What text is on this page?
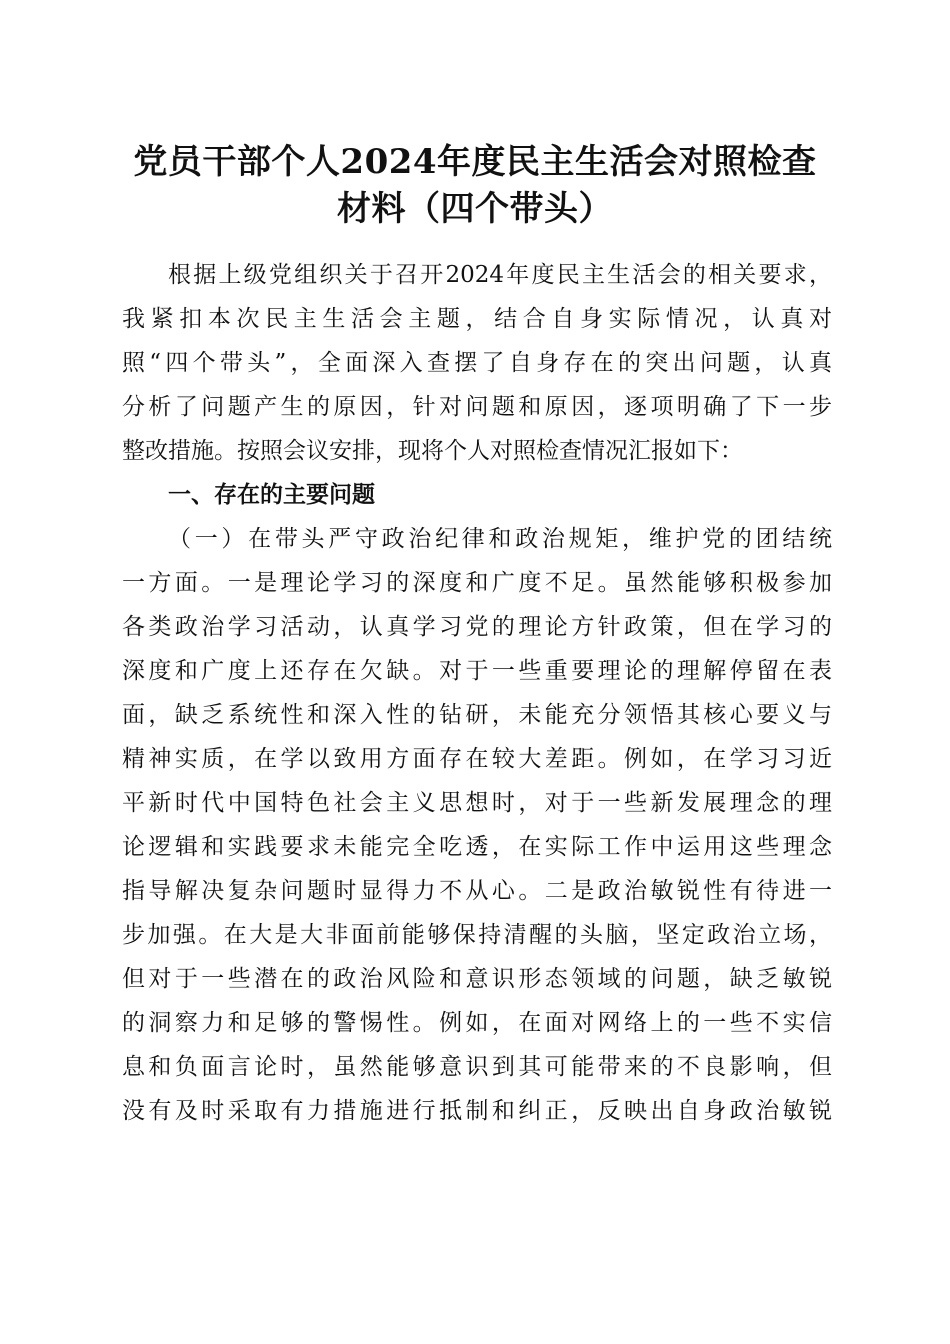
党员干部个人2024年度民主生活会对照检查
材料（四个带头）
根据上级党组织关于召开2024年度民主生活会的相关要求，
我紧扣本次民主生活会主题，结合自身实际情况，认真对
照“四个带头”，全面深入查摆了自身存在的突出问题，认真
分析了问题产生的原因，针对问题和原因，逐项明确了下一步
整改措施。按照会议安排，现将个人对照检查情况汇报如下：
一、存在的主要问题
（一）在带头严守政治纪律和政治规矩，维护党的团结统
一方面。一是理论学习的深度和广度不足。虽然能够积极参加
各类政治学习活动，认真学习党的理论方针政策，但在学习的
深度和广度上还存在欠缺。对于一些重要理论的理解停留在表
面，缺乏系统性和深入性的钻研，未能充分领悟其核心要义与
精神实质，在学以致用方面存在较大差距。例如，在学习习近
平新时代中国特色社会主义思想时，对于一些新发展理念的理
论逻辑和实践要求未能完全吃透，在实际工作中运用这些理念
指导解决复杂问题时显得力不从心。二是政治敏锐性有待进一
步加强。在大是大非面前能够保持清醒的头脑，坚定政治立场，
但对于一些潜在的政治风险和意识形态领域的问题，缺乏敏锐
的洞察力和足够的警惕性。例如，在面对网络上的一些不实信
息和负面言论时，虽然能够意识到其可能带来的不良影响，但
没有及时采取有力措施进行抵制和纠正，反映出自身政治敏锐
